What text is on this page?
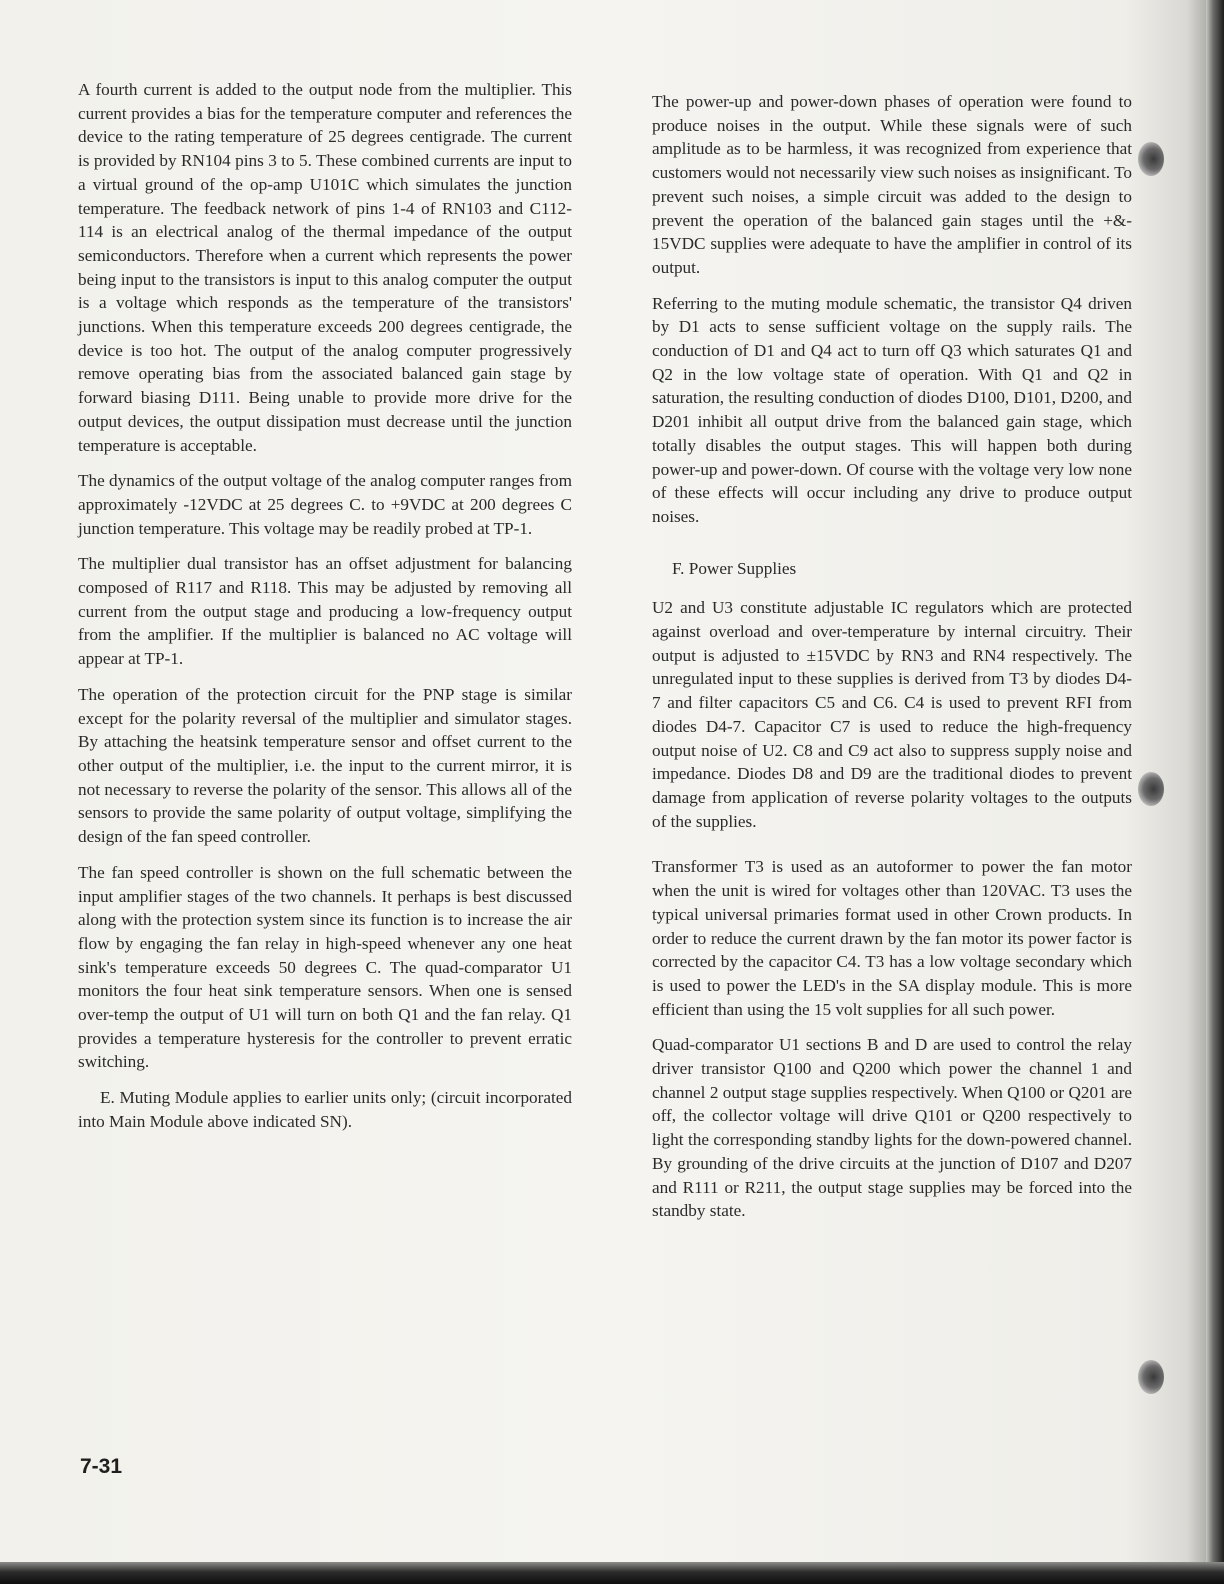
A fourth current is added to the output node from the multiplier. This current provides a bias for the temperature computer and references the device to the rating temperature of 25 degrees centigrade. The current is provided by RN104 pins 3 to 5. These combined currents are input to a virtual ground of the op-amp U101C which simulates the junction temperature. The feedback network of pins 1-4 of RN103 and C112-114 is an electrical analog of the thermal impedance of the output semiconductors. Therefore when a current which represents the power being input to the transistors is input to this analog computer the output is a voltage which responds as the temperature of the transistors' junctions. When this temperature exceeds 200 degrees centigrade, the device is too hot. The output of the analog computer progressively remove operating bias from the associated balanced gain stage by forward biasing D111. Being unable to provide more drive for the output devices, the output dissipation must decrease until the junction temperature is acceptable.

The dynamics of the output voltage of the analog computer ranges from approximately -12VDC at 25 degrees C. to +9VDC at 200 degrees C junction temperature. This voltage may be readily probed at TP-1.

The multiplier dual transistor has an offset adjustment for balancing composed of R117 and R118. This may be adjusted by removing all current from the output stage and producing a low-frequency output from the amplifier. If the multiplier is balanced no AC voltage will appear at TP-1.

The operation of the protection circuit for the PNP stage is similar except for the polarity reversal of the multiplier and simulator stages. By attaching the heatsink temperature sensor and offset current to the other output of the multiplier, i.e. the input to the current mirror, it is not necessary to reverse the polarity of the sensor. This allows all of the sensors to provide the same polarity of output voltage, simplifying the design of the fan speed controller.

The fan speed controller is shown on the full schematic between the input amplifier stages of the two channels. It perhaps is best discussed along with the protection system since its function is to increase the air flow by engaging the fan relay in high-speed whenever any one heat sink's temperature exceeds 50 degrees C. The quad-comparator U1 monitors the four heat sink temperature sensors. When one is sensed over-temp the output of U1 will turn on both Q1 and the fan relay. Q1 provides a temperature hysteresis for the controller to prevent erratic switching.

E. Muting Module applies to earlier units only; (circuit incorporated into Main Module above indicated SN).

The power-up and power-down phases of operation were found to produce noises in the output. While these signals were of such amplitude as to be harmless, it was recognized from experience that customers would not necessarily view such noises as insignificant. To prevent such noises, a simple circuit was added to the design to prevent the operation of the balanced gain stages until the +&- 15VDC supplies were adequate to have the amplifier in control of its output.

Referring to the muting module schematic, the transistor Q4 driven by D1 acts to sense sufficient voltage on the supply rails. The conduction of D1 and Q4 act to turn off Q3 which saturates Q1 and Q2 in the low voltage state of operation. With Q1 and Q2 in saturation, the resulting conduction of diodes D100, D101, D200, and D201 inhibit all output drive from the balanced gain stage, which totally disables the output stages. This will happen both during power-up and power-down. Of course with the voltage very low none of these effects will occur including any drive to produce output noises.

F. Power Supplies

U2 and U3 constitute adjustable IC regulators which are protected against overload and over-temperature by internal circuitry. Their output is adjusted to ±15VDC by RN3 and RN4 respectively. The unregulated input to these supplies is derived from T3 by diodes D4-7 and filter capacitors C5 and C6. C4 is used to prevent RFI from diodes D4-7. Capacitor C7 is used to reduce the high-frequency output noise of U2. C8 and C9 act also to suppress supply noise and impedance. Diodes D8 and D9 are the traditional diodes to prevent damage from application of reverse polarity voltages to the outputs of the supplies.

Transformer T3 is used as an autoformer to power the fan motor when the unit is wired for voltages other than 120VAC. T3 uses the typical universal primaries format used in other Crown products. In order to reduce the current drawn by the fan motor its power factor is corrected by the capacitor C4. T3 has a low voltage secondary which is used to power the LED's in the SA display module. This is more efficient than using the 15 volt supplies for all such power.

Quad-comparator U1 sections B and D are used to control the relay driver transistor Q100 and Q200 which power the channel 1 and channel 2 output stage supplies respectively. When Q100 or Q201 are off, the collector voltage will drive Q101 or Q200 respectively to light the corresponding standby lights for the down-powered channel. By grounding of the drive circuits at the junction of D107 and D207 and R111 or R211, the output stage supplies may be forced into the standby state.

7-31
